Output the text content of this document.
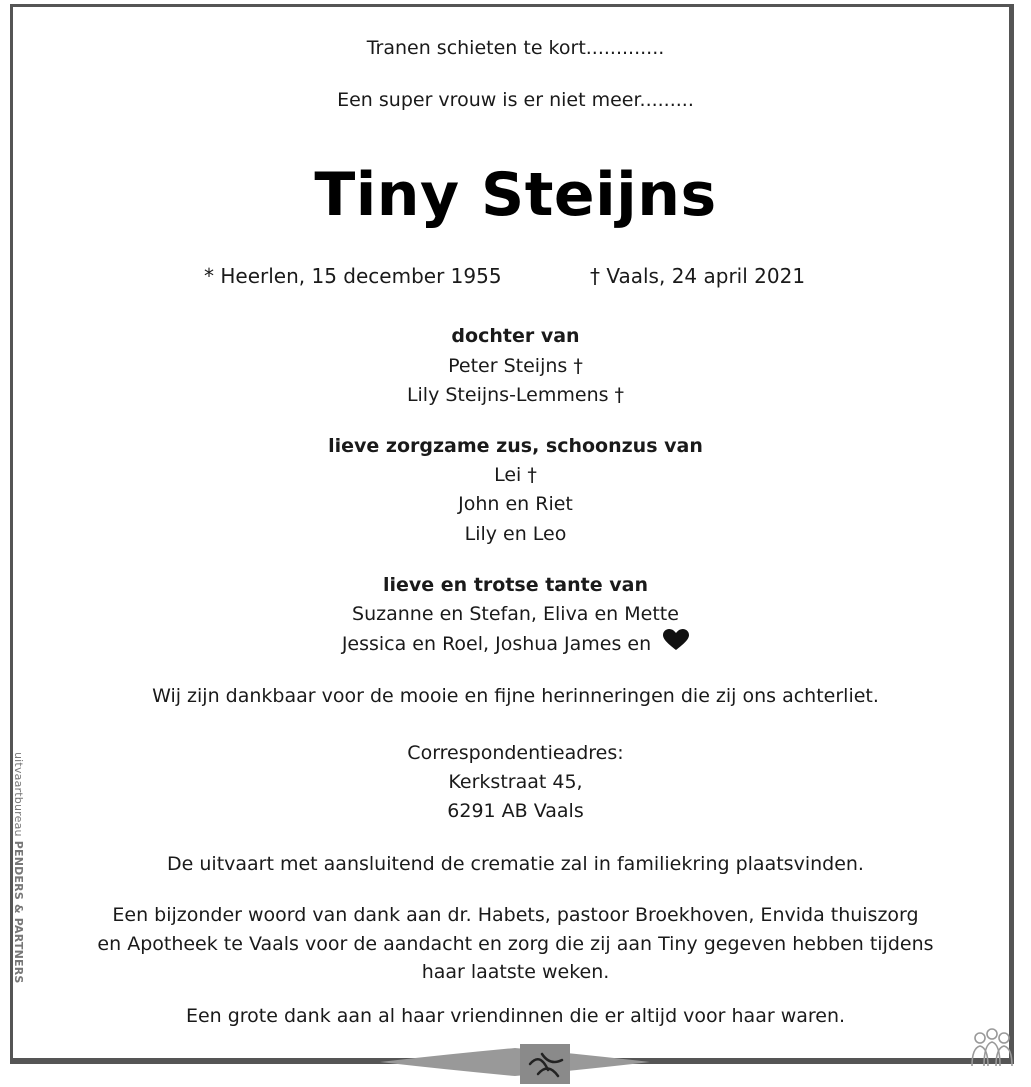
Tranen schieten te kort.............
Een super vrouw is er niet meer.........
Tiny Steijns
* Heerlen, 15 december 1955	† Vaals, 24 april 2021
dochter van
Peter Steijns †
Lily Steijns-Lemmens †
lieve zorgzame zus, schoonzus van
Lei †
John en Riet
Lily en Leo
lieve en trotse tante van
Suzanne en Stefan, Eliva en Mette
Jessica en Roel, Joshua James en
Wij zijn dankbaar voor de mooie en fijne herinneringen die zij ons achterliet.
Correspondentieadres:
Kerkstraat 45,
6291 AB Vaals
De uitvaart met aansluitend de crematie zal in familiekring plaatsvinden.
Een bijzonder woord van dank aan dr. Habets, pastoor Broekhoven, Envida thuiszorg
en Apotheek te Vaals voor de aandacht en zorg die zij aan Tiny gegeven hebben tijdens
haar laatste weken.
Een grote dank aan al haar vriendinnen die er altijd voor haar waren.
uitvaartbureau PENDERS & PARTNERS
